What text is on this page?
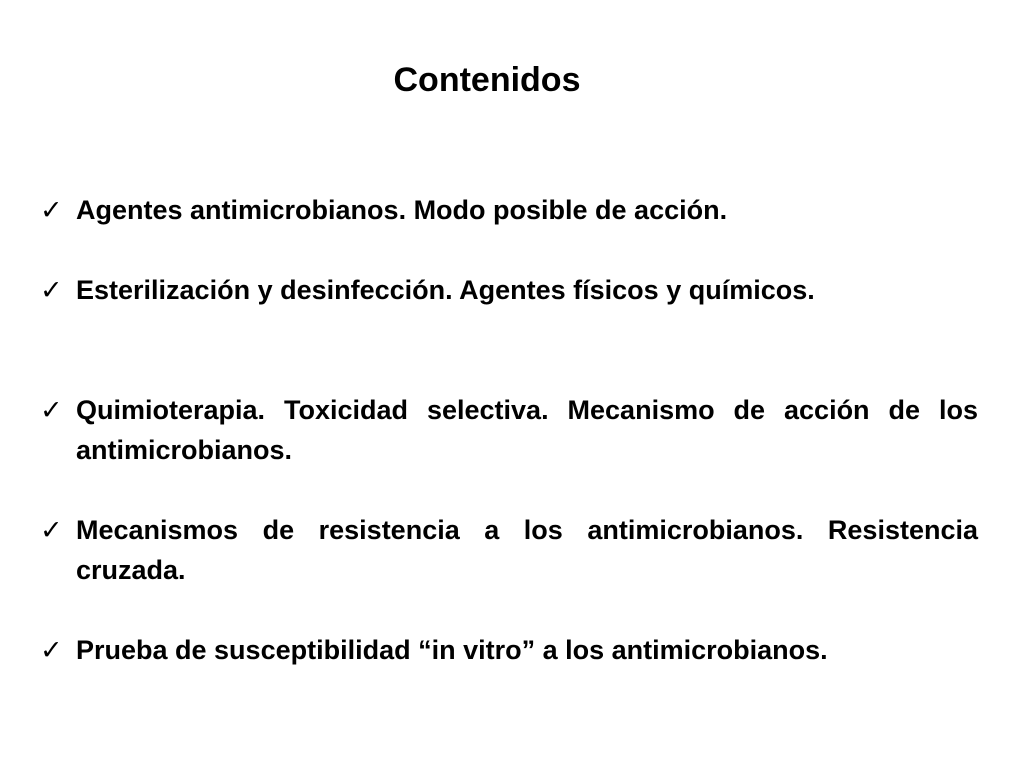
Contenidos
✓ Agentes antimicrobianos. Modo posible de acción.
✓ Esterilización y desinfección. Agentes físicos y químicos.
✓ Quimioterapia. Toxicidad selectiva. Mecanismo de acción de los antimicrobianos.
✓ Mecanismos de resistencia a los antimicrobianos. Resistencia cruzada.
✓ Prueba de susceptibilidad “in vitro” a los antimicrobianos.
